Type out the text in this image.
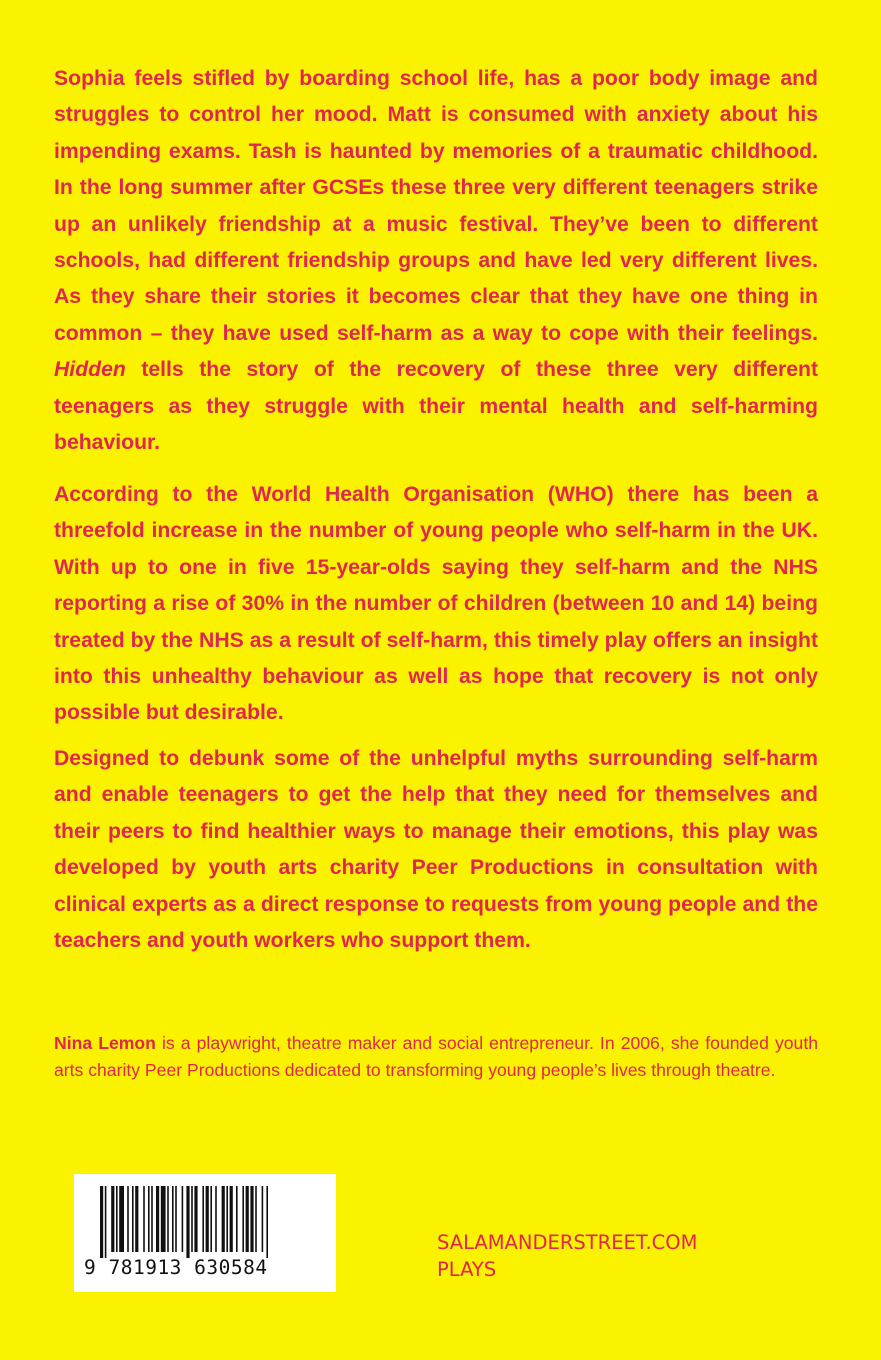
Sophia feels stifled by boarding school life, has a poor body image and struggles to control her mood. Matt is consumed with anxiety about his impending exams. Tash is haunted by memories of a traumatic childhood. In the long summer after GCSEs these three very different teenagers strike up an unlikely friendship at a music festival. They’ve been to different schools, had different friendship groups and have led very different lives. As they share their stories it becomes clear that they have one thing in common – they have used self-harm as a way to cope with their feelings. Hidden tells the story of the recovery of these three very different teenagers as they struggle with their mental health and self-harming behaviour.

According to the World Health Organisation (WHO) there has been a threefold increase in the number of young people who self-harm in the UK. With up to one in five 15-year-olds saying they self-harm and the NHS reporting a rise of 30% in the number of children (between 10 and 14) being treated by the NHS as a result of self-harm, this timely play offers an insight into this unhealthy behaviour as well as hope that recovery is not only possible but desirable.

Designed to debunk some of the unhelpful myths surrounding self-harm and enable teenagers to get the help that they need for themselves and their peers to find healthier ways to manage their emotions, this play was developed by youth arts charity Peer Productions in consultation with clinical experts as a direct response to requests from young people and the teachers and youth workers who support them.

Nina Lemon is a playwright, theatre maker and social entrepreneur. In 2006, she founded youth arts charity Peer Productions dedicated to transforming young people’s lives through theatre.

9 781913 630584
SALAMANDERSTREET.COM
PLAYS
